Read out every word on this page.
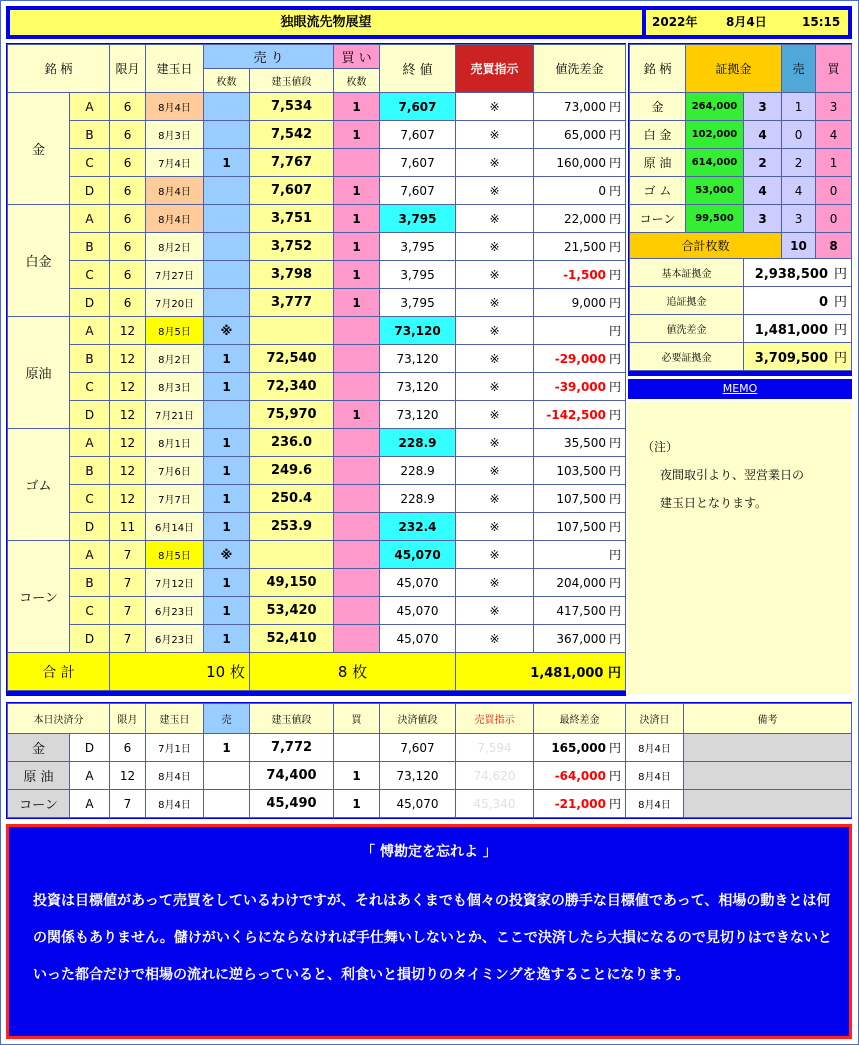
独眼流先物展望	2022年 8月4日	15:15
銘 柄		限月	建玉日	売 り		買 い	終 値	売買指示	値洗差金
				枚数	建玉値段	枚数			
金	A	6	8月4日		7,534	1	7,607	※	73,000 円
	B	6	8月3日		7,542	1	7,607	※	65,000 円
	C	6	7月4日	1	7,767		7,607	※	160,000 円
	D	6	8月4日		7,607	1	7,607	※	0 円
白金	A	6	8月4日		3,751	1	3,795	※	22,000 円
	B	6	8月2日		3,752	1	3,795	※	21,500 円
	C	6	7月27日		3,798	1	3,795	※	-1,500 円
	D	6	7月20日		3,777	1	3,795	※	9,000 円
原油	A	12	8月5日	※			73,120	※	円
	B	12	8月2日	1	72,540		73,120	※	-29,000 円
	C	12	8月3日	1	72,340		73,120	※	-39,000 円
	D	12	7月21日		75,970	1	73,120	※	-142,500 円
ゴム	A	12	8月1日	1	236.0		228.9	※	35,500 円
	B	12	7月6日	1	249.6		228.9	※	103,500 円
	C	12	7月7日	1	250.4		228.9	※	107,500 円
	D	11	6月14日	1	253.9		232.4	※	107,500 円
コーン	A	7	8月5日	※			45,070	※	円
	B	7	7月12日	1	49,150		45,070	※	204,000 円
	C	7	6月23日	1	53,420		45,070	※	417,500 円
	D	7	6月23日	1	52,410		45,070	※	367,000 円
合 計		10 枚			8 枚			1,481,000 円	
銘 柄	証拠金		売	買
金	264,000	3	1	3
白 金	102,000	4	0	4
原 油	614,000	2	2	1
ゴ ム	53,000	4	4	0
コーン	99,500	3	3	0
合計枚数			10	8
基本証拠金		2,938,500 円		
追証拠金		0 円		
値洗差金		1,481,000 円		
必要証拠金		3,709,500 円		
MEMO

（注）

夜間取引より、翌営業日の

建玉日となります。

本日決済分		限月	建玉日	売	建玉値段	買	決済値段	売買指示	最終差金	決済日	備考
金	D	6	7月1日	1	7,772		7,607	7,594	165,000 円	8月4日	
原 油	A	12	8月4日		74,400	1	73,120	74,620	-64,000 円	8月4日	
コーン	A	7	8月4日		45,490	1	45,070	45,340	-21,000 円	8月4日	
「 愽勘定を忘れよ 」
投資は目標値があって売買をしているわけですが、それはあくまでも個々の投資家の勝手な目標値であって、相場の動きとは何の関係もありません。儲けがいくらにならなければ手仕舞いしないとか、ここで決済したら大損になるので見切りはできないといった都合だけで相場の流れに逆らっていると、利食いと損切りのタイミングを逸することになります。
